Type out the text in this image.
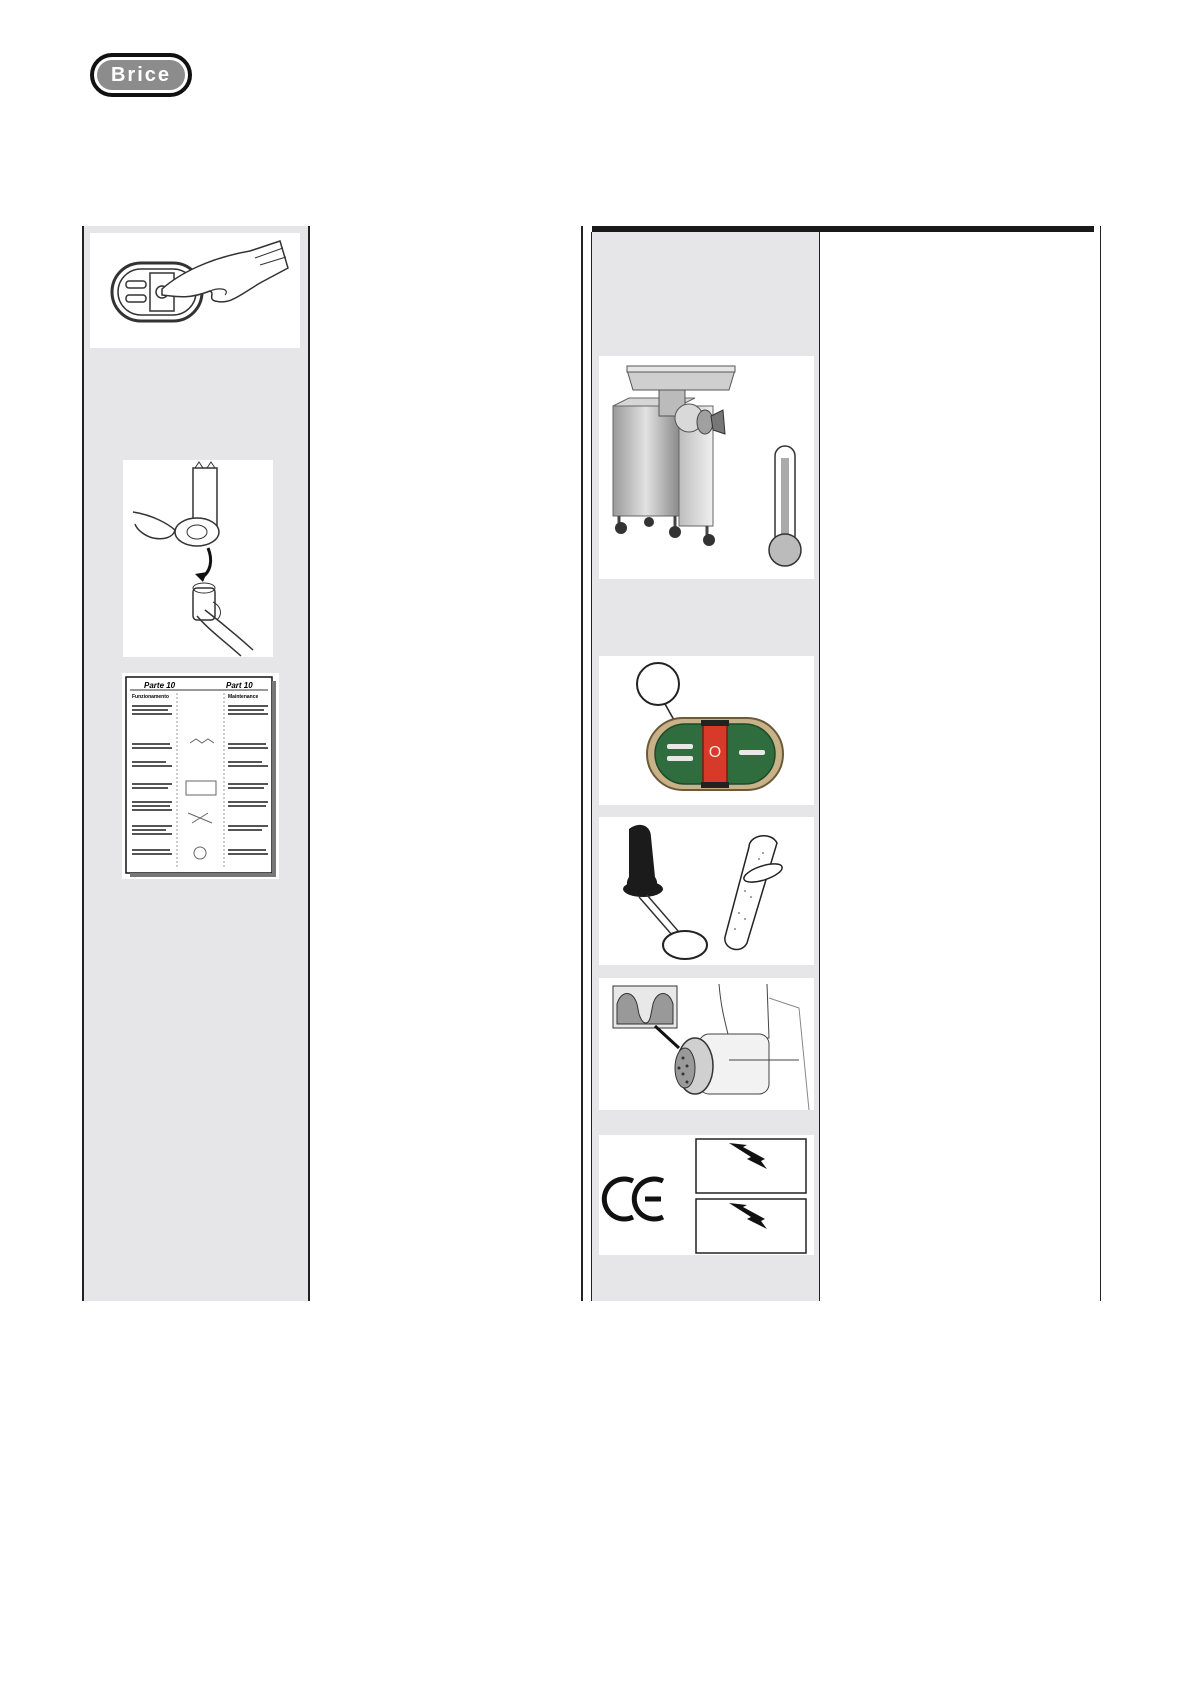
Brice
Parte 10	Part 10
Funzionamento	Maintenance
O
